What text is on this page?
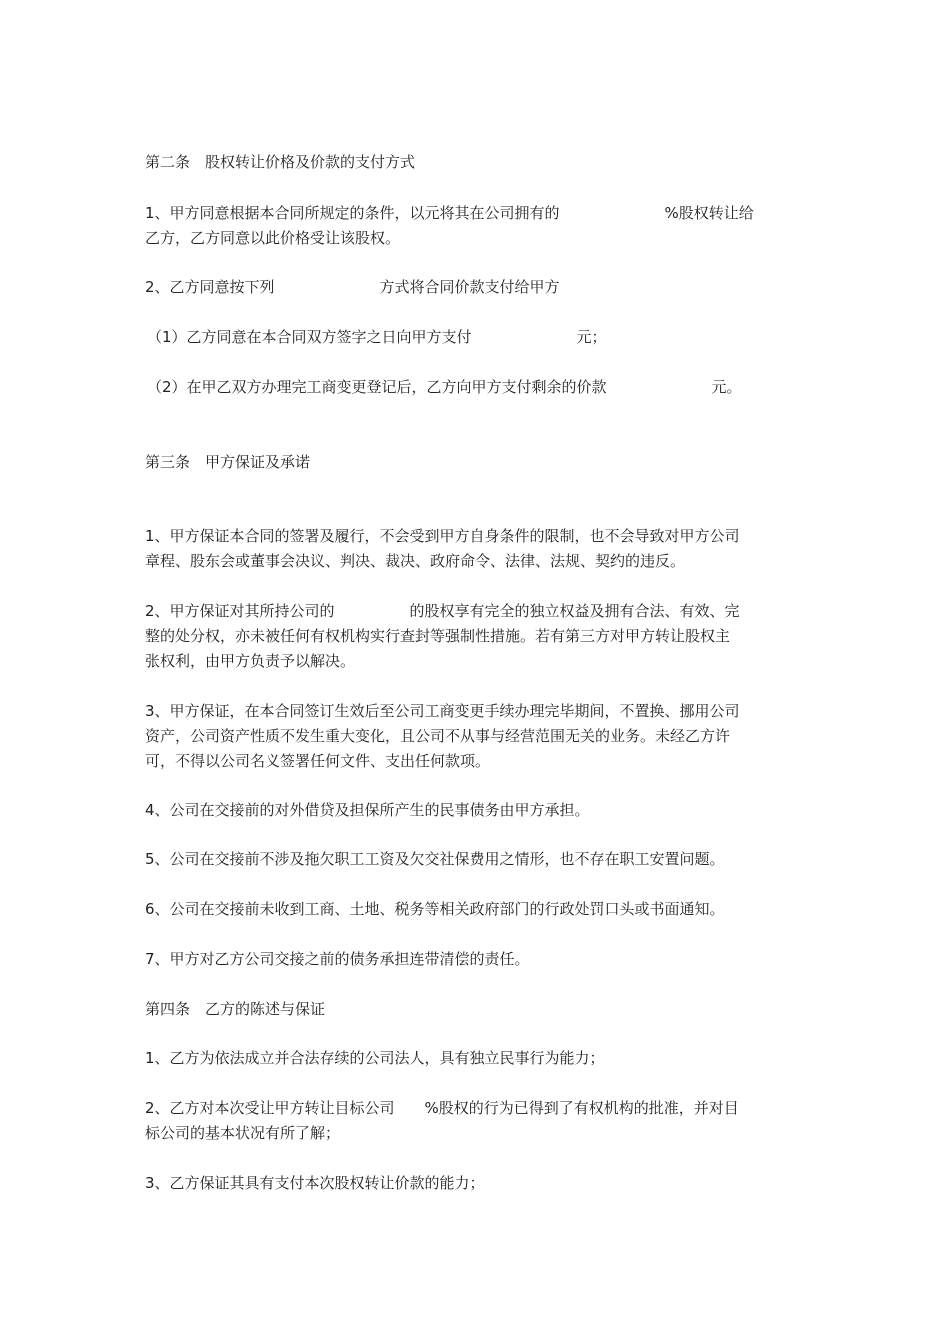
第二条　股权转让价格及价款的支付方式

1、甲方同意根据本合同所规定的条件，以元将其在公司拥有的　　　　　　　%股权转让给

乙方，乙方同意以此价格受让该股权。

2、乙方同意按下列　　　　　　　方式将合同价款支付给甲方

（1）乙方同意在本合同双方签字之日向甲方支付　　　　　　　元；

（2）在甲乙双方办理完工商变更登记后，乙方向甲方支付剩余的价款　　　　　　　元。

第三条　甲方保证及承诺

1、甲方保证本合同的签署及履行，不会受到甲方自身条件的限制，也不会导致对甲方公司

章程、股东会或董事会决议、判决、裁决、政府命令、法律、法规、契约的违反。

2、甲方保证对其所持公司的　　　　　的股权享有完全的独立权益及拥有合法、有效、完

整的处分权，亦未被任何有权机构实行查封等强制性措施。若有第三方对甲方转让股权主

张权利，由甲方负责予以解决。

3、甲方保证，在本合同签订生效后至公司工商变更手续办理完毕期间，不置换、挪用公司

资产，公司资产性质不发生重大变化，且公司不从事与经营范围无关的业务。未经乙方许

可，不得以公司名义签署任何文件、支出任何款项。

4、公司在交接前的对外借贷及担保所产生的民事债务由甲方承担。

5、公司在交接前不涉及拖欠职工工资及欠交社保费用之情形，也不存在职工安置问题。

6、公司在交接前未收到工商、土地、税务等相关政府部门的行政处罚口头或书面通知。

7、甲方对乙方公司交接之前的债务承担连带清偿的责任。

第四条　乙方的陈述与保证

1、乙方为依法成立并合法存续的公司法人，具有独立民事行为能力；

2、乙方对本次受让甲方转让目标公司　　%股权的行为已得到了有权机构的批准，并对目

标公司的基本状况有所了解；

3、乙方保证其具有支付本次股权转让价款的能力；
